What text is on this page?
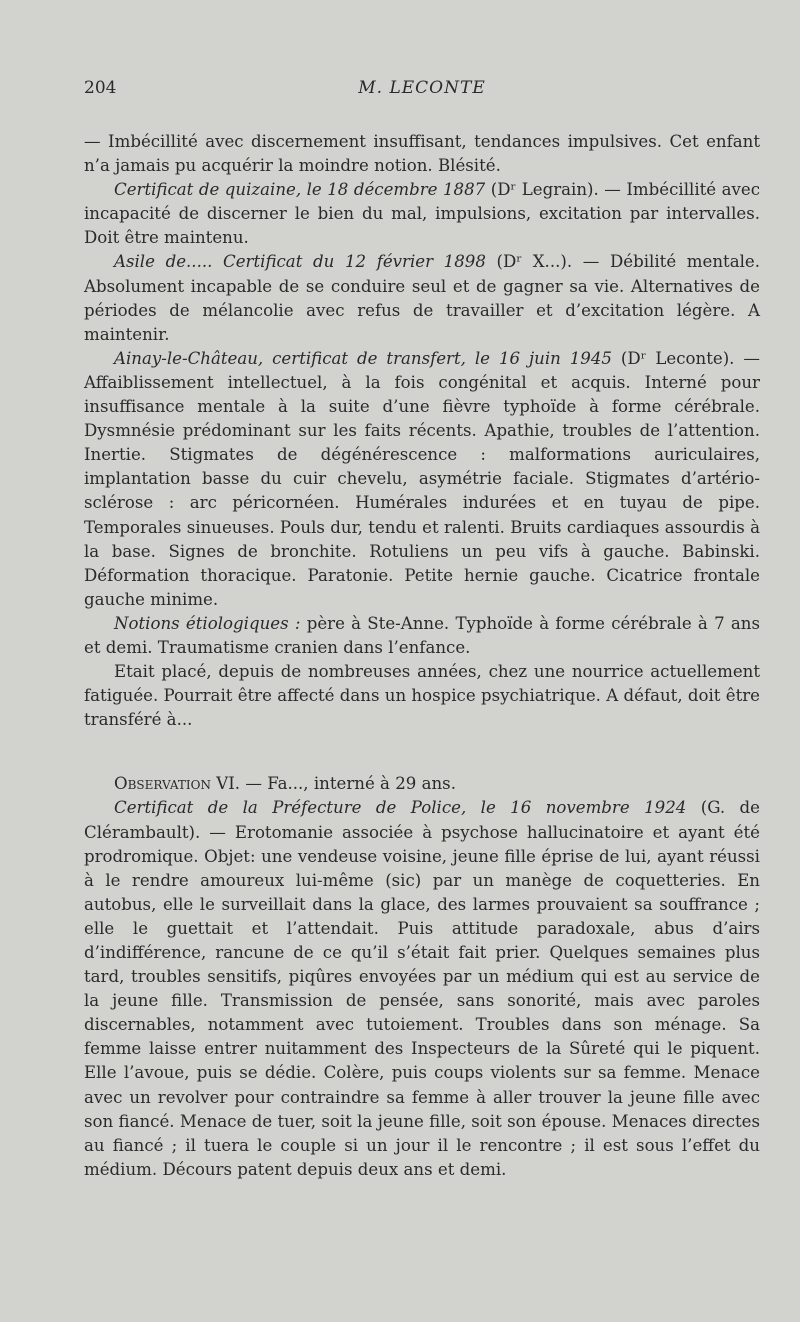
204	M. LECONTE

— Imbécillité avec discernement insuffisant, tendances impulsives. Cet enfant n’a jamais pu acquérir la moindre notion. Blésité.

Certificat de quizaine, le 18 décembre 1887 (Dʳ Legrain). — Imbécillité avec incapacité de discerner le bien du mal, impulsions, excitation par intervalles. Doit être maintenu.

Asile de..... Certificat du 12 février 1898 (Dʳ X...). — Débilité mentale. Absolument incapable de se conduire seul et de gagner sa vie. Alternatives de périodes de mélancolie avec refus de travailler et d’excitation légère. A maintenir.

Ainay-le-Château, certificat de transfert, le 16 juin 1945 (Dʳ Leconte). — Affaiblissement intellectuel, à la fois congénital et acquis. Interné pour insuffisance mentale à la suite d’une fièvre typhoïde à forme cérébrale. Dysmnésie prédominant sur les faits récents. Apathie, troubles de l’attention. Inertie. Stigmates de dégénérescence : malformations auriculaires, implantation basse du cuir chevelu, asymétrie faciale. Stigmates d’artério-sclérose : arc péricornéen. Humérales indurées et en tuyau de pipe. Temporales sinueuses. Pouls dur, tendu et ralenti. Bruits cardiaques assourdis à la base. Signes de bronchite. Rotuliens un peu vifs à gauche. Babinski. Déformation thoracique. Paratonie. Petite hernie gauche. Cicatrice frontale gauche minime.

Notions étiologiques : père à Ste-Anne. Typhoïde à forme cérébrale à 7 ans et demi. Traumatisme cranien dans l’enfance.

Etait placé, depuis de nombreuses années, chez une nourrice actuellement fatiguée. Pourrait être affecté dans un hospice psychiatrique. A défaut, doit être transféré à...

Observation VI. — Fa..., interné à 29 ans.

Certificat de la Préfecture de Police, le 16 novembre 1924 (G. de Clérambault). — Erotomanie associée à psychose hallucinatoire et ayant été prodromique. Objet: une vendeuse voisine, jeune fille éprise de lui, ayant réussi à le rendre amoureux lui-même (sic) par un manège de coquetteries. En autobus, elle le surveillait dans la glace, des larmes prouvaient sa souffrance ; elle le guettait et l’attendait. Puis attitude paradoxale, abus d’airs d’indifférence, rancune de ce qu’il s’était fait prier. Quelques semaines plus tard, troubles sensitifs, piqûres envoyées par un médium qui est au service de la jeune fille. Transmission de pensée, sans sonorité, mais avec paroles discernables, notamment avec tutoiement. Troubles dans son ménage. Sa femme laisse entrer nuitamment des Inspecteurs de la Sûreté qui le piquent. Elle l’avoue, puis se dédie. Colère, puis coups violents sur sa femme. Menace avec un revolver pour contraindre sa femme à aller trouver la jeune fille avec son fiancé. Menace de tuer, soit la jeune fille, soit son épouse. Menaces directes au fiancé ; il tuera le couple si un jour il le rencontre ; il est sous l’effet du médium. Décours patent depuis deux ans et demi.
